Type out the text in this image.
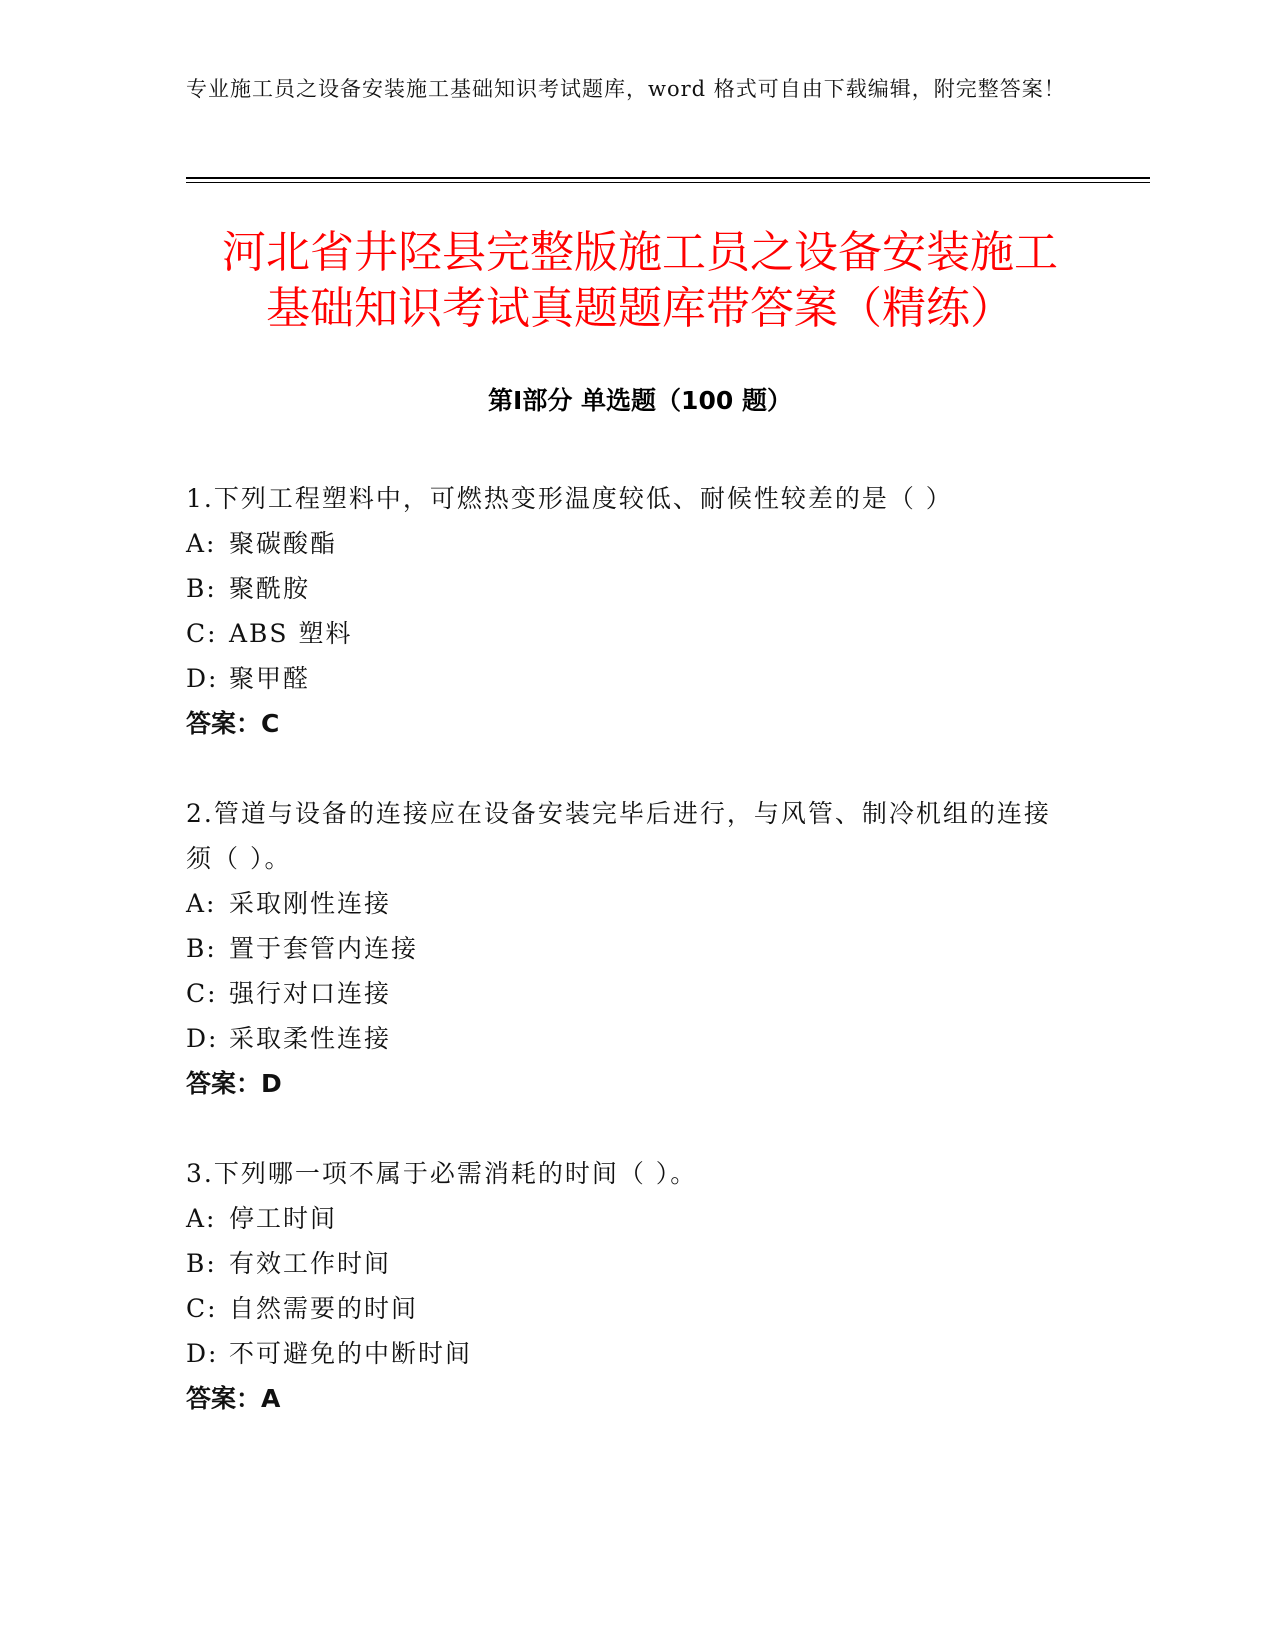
专业施工员之设备安装施工基础知识考试题库，word 格式可自由下载编辑，附完整答案！
河北省井陉县完整版施工员之设备安装施工
基础知识考试真题题库带答案（精练）
第Ⅰ部分 单选题（100 题）
1.下列工程塑料中，可燃热变形温度较低、耐候性较差的是（ ）
A: 聚碳酸酯
B: 聚酰胺
C: ABS 塑料
D: 聚甲醛
答案：C
2.管道与设备的连接应在设备安装完毕后进行，与风管、制冷机组的连接须（ ）。
A: 采取刚性连接
B: 置于套管内连接
C: 强行对口连接
D: 采取柔性连接
答案：D
3.下列哪一项不属于必需消耗的时间（ ）。
A: 停工时间
B: 有效工作时间
C: 自然需要的时间
D: 不可避免的中断时间
答案：A
